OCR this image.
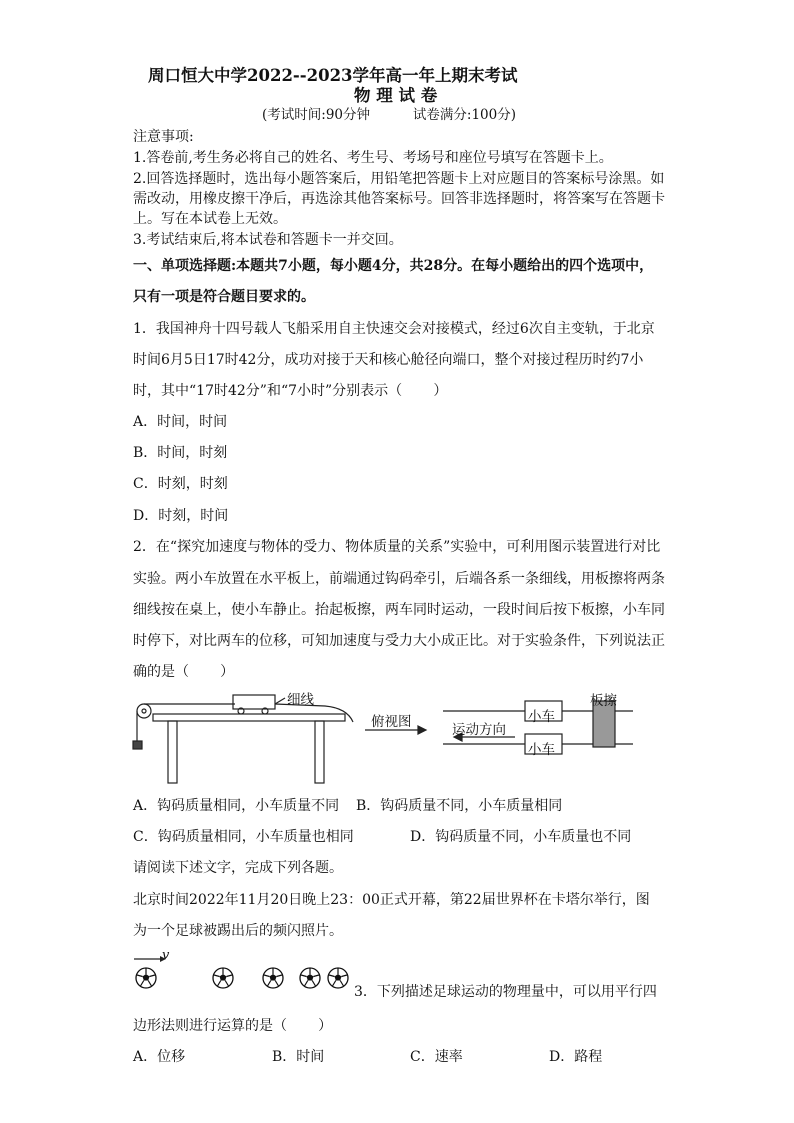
周口恒大中学2022--2023学年高一年上期末考试
物 理 试 卷
(考试时间:90分钟          试卷满分:100分)
注意事项:
1.答卷前,考生务必将自己的姓名、考生号、考场号和座位号填写在答题卡上。
2.回答选择题时，选出每小题答案后，用铅笔把答题卡上对应题目的答案标号涂黑。如
需改动，用橡皮擦干净后，再选涂其他答案标号。回答非选择题时，将答案写在答题卡
上。写在本试卷上无效。
3.考试结束后,将本试卷和答题卡一并交回。
一、单项选择题:本题共7小题，每小题4分，共28分。在每小题给出的四个选项中，
只有一项是符合题目要求的。
1．我国神舟十四号载人飞船采用自主快速交会对接模式，经过6次自主变轨，于北京
时间6月5日17时42分，成功对接于天和核心舱径向端口，整个对接过程历时约7小
时，其中“17时42分”和“7小时”分别表示（       ）
A．时间，时间
B．时间，时刻
C．时刻，时刻
D．时刻，时间
2．在“探究加速度与物体的受力、物体质量的关系”实验中，可利用图示装置进行对比
实验。两小车放置在水平板上，前端通过钩码牵引，后端各系一条细线，用板擦将两条
细线按在桌上，使小车静止。抬起板擦，两车同时运动，一段时间后按下板擦，小车同
时停下，对比两车的位移，可知加速度与受力大小成正比。对于实验条件，下列说法正
确的是（       ）
细线
俯视图	运动方向
小车
小车
板擦
A．钩码质量相同，小车质量不同 B．钩码质量不同，小车质量相同
C．钩码质量相同，小车质量也相同	D．钩码质量不同，小车质量也不同
请阅读下述文字，完成下列各题。
北京时间2022年11月20日晚上23：00正式开幕，第22届世界杯在卡塔尔举行，图
为一个足球被踢出后的频闪照片。
v
3．下列描述足球运动的物理量中，可以用平行四
边形法则进行运算的是（       ）
A．位移	B．时间	C．速率	D．路程
